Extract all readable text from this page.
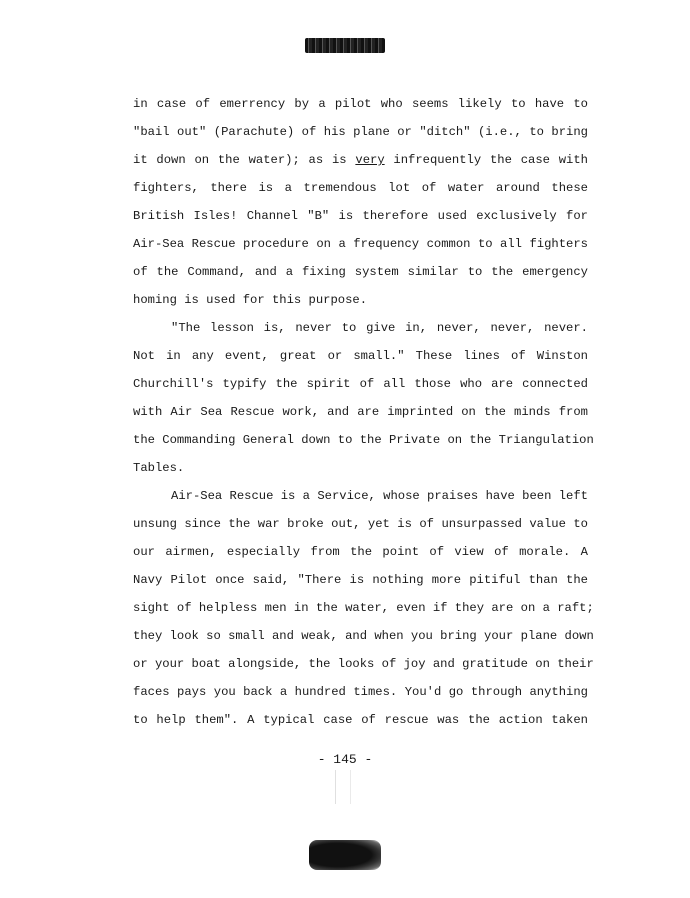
in case of emerrency by a pilot who seems likely to have to
"bail out" (Parachute) of his plane or "ditch" (i.e., to bring
it down on the water); as is very infrequently the case with
fighters, there is a tremendous lot of water around these
British Isles! Channel "B" is therefore used exclusively for
Air-Sea Rescue procedure on a frequency common to all fighters
of the Command, and a fixing system similar to the emergency
homing is used for this purpose.

"The lesson is, never to give in, never, never, never.
Not in any event, great or small." These lines of Winston
Churchill's typify the spirit of all those who are connected
with Air Sea Rescue work, and are imprinted on the minds from
the Commanding General down to the Private on the Triangulation
Tables.

Air-Sea Rescue is a Service, whose praises have been left
unsung since the war broke out, yet is of unsurpassed value to
our airmen, especially from the point of view of morale. A
Navy Pilot once said, "There is nothing more pitiful than the
sight of helpless men in the water, even if they are on a raft;
they look so small and weak, and when you bring your plane down
or your boat alongside, the looks of joy and gratitude on their
faces pays you back a hundred times. You'd go through anything
to help them". A typical case of rescue was the action taken

- 145 -
